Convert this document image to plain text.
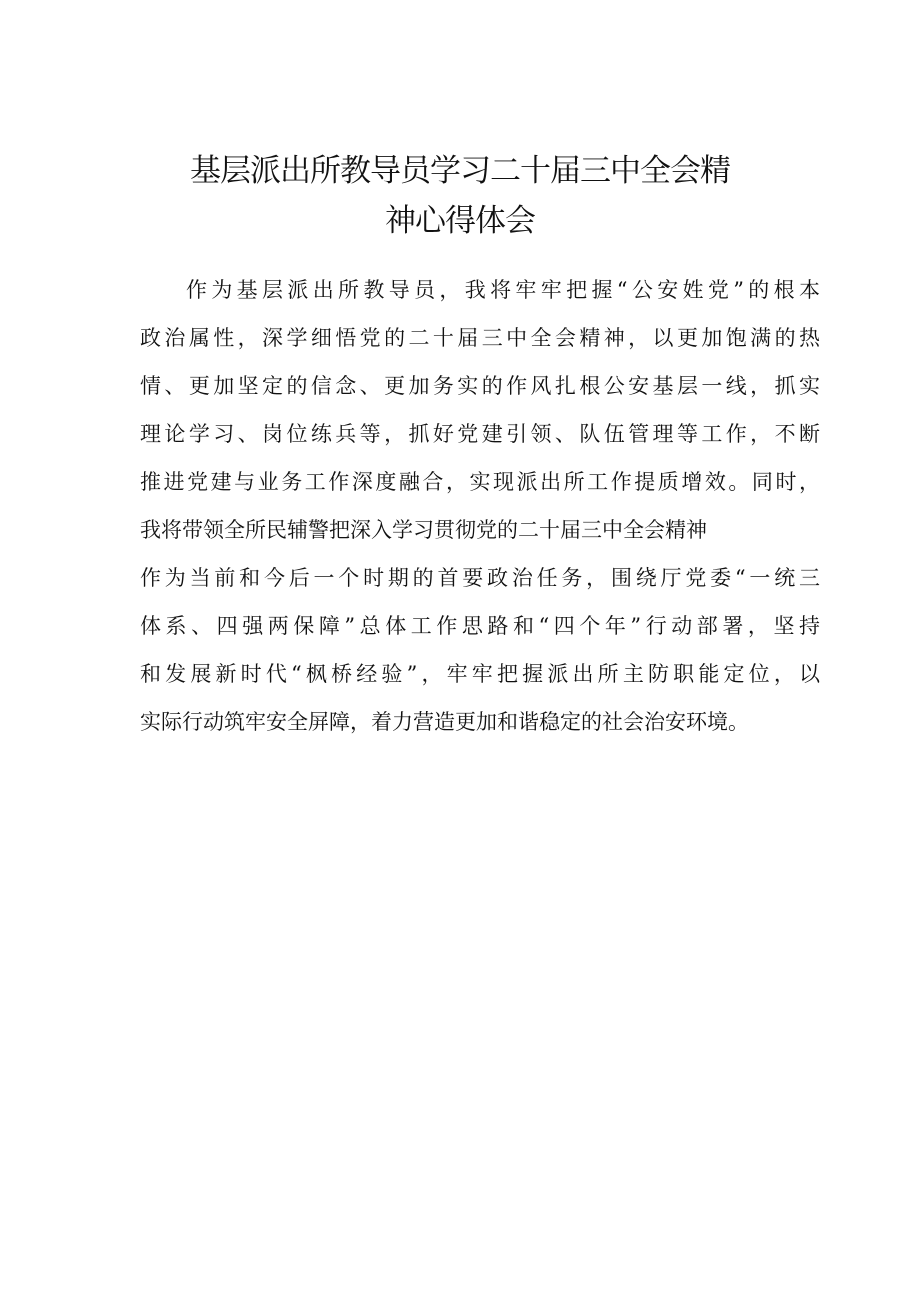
基层派出所教导员学习二十届三中全会精
神心得体会
作为基层派出所教导员，我将牢牢把握“公安姓党”的根本
政治属性，深学细悟党的二十届三中全会精神，以更加饱满的热
情、更加坚定的信念、更加务实的作风扎根公安基层一线，抓实
理论学习、岗位练兵等，抓好党建引领、队伍管理等工作，不断
推进党建与业务工作深度融合，实现派出所工作提质增效。同时，
我将带领全所民辅警把深入学习贯彻党的二十届三中全会精神
作为当前和今后一个时期的首要政治任务，围绕厅党委“一统三
体系、四强两保障”总体工作思路和“四个年”行动部署，坚持
和发展新时代“枫桥经验”，牢牢把握派出所主防职能定位，以
实际行动筑牢安全屏障，着力营造更加和谐稳定的社会治安环境。
